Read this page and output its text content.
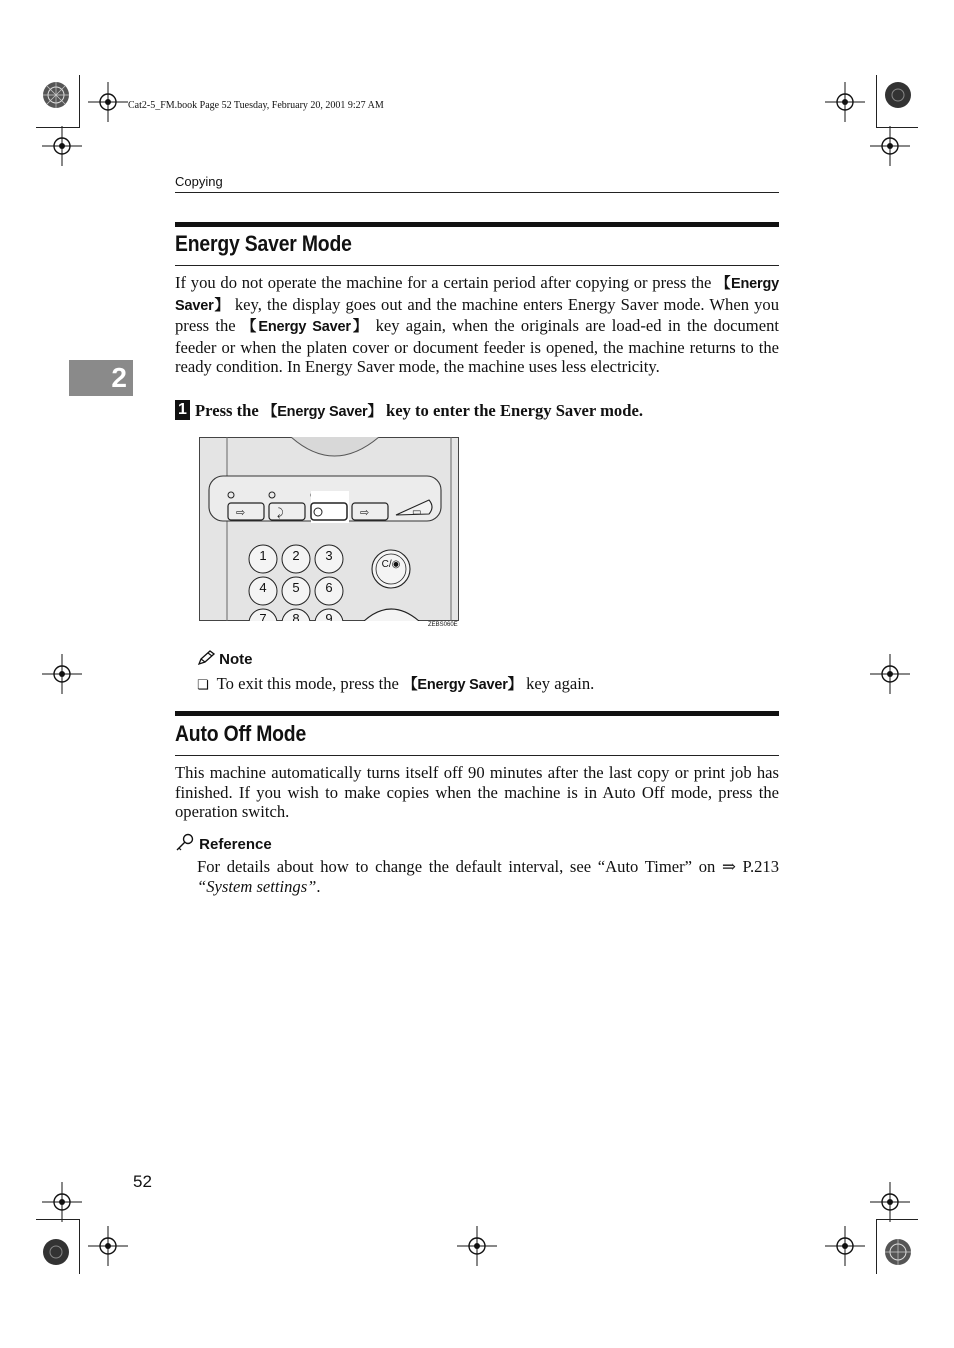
Cat2-5_FM.book Page 52 Tuesday, February 20, 2001 9:27 AM
Copying
2
Energy Saver Mode
If you do not operate the machine for a certain period after copying or press the 【Energy Saver】 key, the display goes out and the machine enters Energy Saver mode. When you press the 【Energy Saver】 key again, when the originals are load-ed in the document feeder or when the platen cover or document feeder is opened, the machine returns to the ready condition. In Energy Saver mode, the machine uses less electricity.
1 Press the 【Energy Saver】 key to enter the Energy Saver mode.
⇨	⤸	⇨	▭
1 2 3
4 5 6
7 8 9
C/◉
ZEBS060E
Note
❏ To exit this mode, press the 【Energy Saver】 key again.
Auto Off Mode
This machine automatically turns itself off 90 minutes after the last copy or print job has finished. If you wish to make copies when the machine is in Auto Off mode, press the operation switch.
Reference
For details about how to change the default interval, see “Auto Timer” on ⇒ P.213 “System settings”.
52
